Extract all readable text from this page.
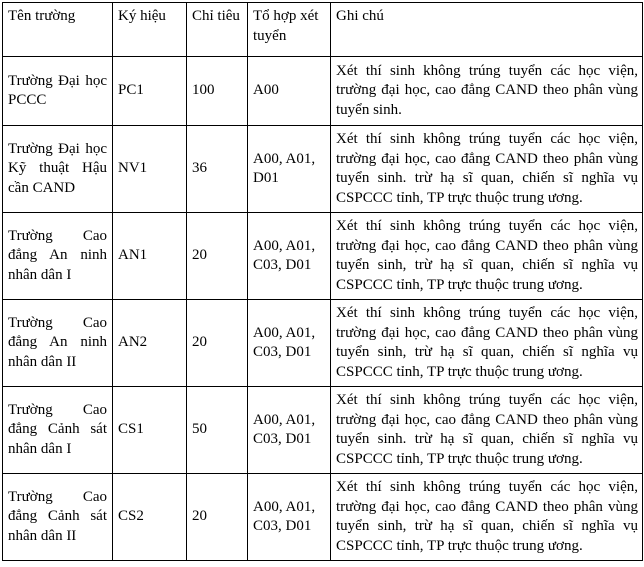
Tên trường	Ký hiệu	Chỉ tiêu	Tổ hợp xét tuyển	Ghi chú
Trường Đại học PCCC	PC1	100	A00	Xét thí sinh không trúng tuyển các học viện, trường đại học, cao đẳng CAND theo phân vùng tuyển sinh.
Trường Đại học Kỹ thuật Hậu cần CAND	NV1	36	A00, A01, D01	Xét thí sinh không trúng tuyển các học viện, trường đại học, cao đẳng CAND theo phân vùng tuyển sinh. trừ hạ sĩ quan, chiến sĩ nghĩa vụ CSPCCC tỉnh, TP trực thuộc trung ương.
Trường Cao đẳng An ninh nhân dân I	AN1	20	A00, A01, C03, D01	Xét thí sinh không trúng tuyển các học viện, trường đại học, cao đẳng CAND theo phân vùng tuyển sinh, trừ hạ sĩ quan, chiến sĩ nghĩa vụ CSPCCC tỉnh, TP trực thuộc trung ương.
Trường Cao đẳng An ninh nhân dân II	AN2	20	A00, A01, C03, D01	Xét thí sinh không trúng tuyển các học viện, trường đại học, cao đẳng CAND theo phân vùng tuyển sinh, trừ hạ sĩ quan, chiến sĩ nghĩa vụ CSPCCC tỉnh, TP trực thuộc trung ương.
Trường Cao đẳng Cảnh sát nhân dân I	CS1	50	A00, A01, C03, D01	Xét thí sinh không trúng tuyển các học viện, trường đại học, cao đẳng CAND theo phân vùng tuyển sinh. trừ hạ sĩ quan, chiến sĩ nghĩa vụ CSPCCC tỉnh, TP trực thuộc trung ương.
Trường Cao đẳng Cảnh sát nhân dân II	CS2	20	A00, A01, C03, D01	Xét thí sinh không trúng tuyển các học viện, trường đại học, cao đẳng CAND theo phân vùng tuyển sinh, trừ hạ sĩ quan, chiến sĩ nghĩa vụ CSPCCC tỉnh, TP trực thuộc trung ương.
